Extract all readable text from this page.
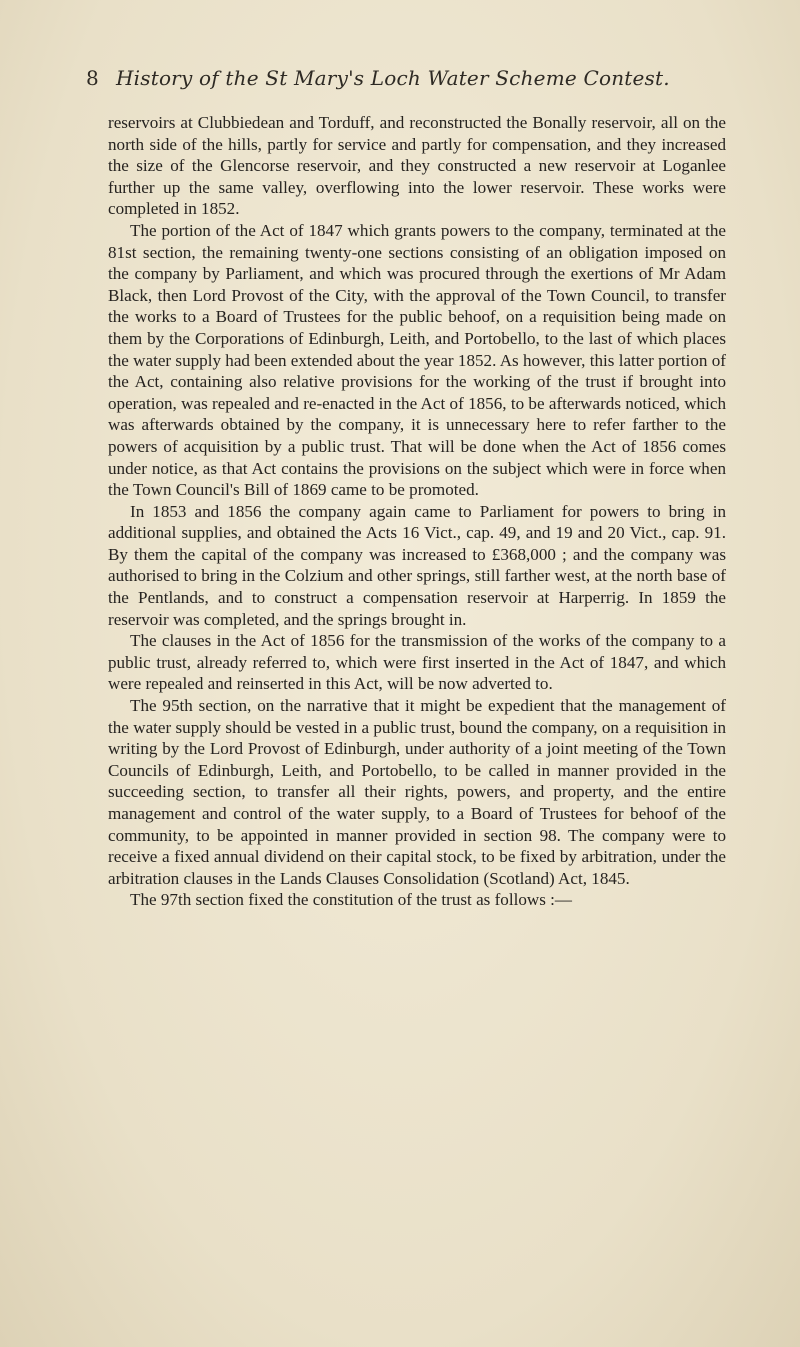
8 History of the St Mary's Loch Water Scheme Contest.

reservoirs at Clubbiedean and Torduff, and reconstructed the Bonally reservoir, all on the north side of the hills, partly for service and partly for compensation, and they increased the size of the Glencorse reservoir, and they constructed a new reservoir at Loganlee further up the same valley, overflowing into the lower reservoir. These works were completed in 1852.

The portion of the Act of 1847 which grants powers to the company, terminated at the 81st section, the remaining twenty-one sections consisting of an obligation imposed on the company by Parliament, and which was procured through the exertions of Mr Adam Black, then Lord Provost of the City, with the approval of the Town Council, to transfer the works to a Board of Trustees for the public behoof, on a requisition being made on them by the Corporations of Edinburgh, Leith, and Portobello, to the last of which places the water supply had been extended about the year 1852. As however, this latter portion of the Act, containing also relative provisions for the working of the trust if brought into operation, was repealed and re-enacted in the Act of 1856, to be afterwards noticed, which was afterwards obtained by the company, it is unnecessary here to refer farther to the powers of acquisition by a public trust. That will be done when the Act of 1856 comes under notice, as that Act contains the provisions on the subject which were in force when the Town Council's Bill of 1869 came to be promoted.

In 1853 and 1856 the company again came to Parliament for powers to bring in additional supplies, and obtained the Acts 16 Vict., cap. 49, and 19 and 20 Vict., cap. 91. By them the capital of the company was increased to £368,000 ; and the company was authorised to bring in the Colzium and other springs, still farther west, at the north base of the Pentlands, and to construct a compensation reservoir at Harperrig. In 1859 the reservoir was completed, and the springs brought in.

The clauses in the Act of 1856 for the transmission of the works of the company to a public trust, already referred to, which were first inserted in the Act of 1847, and which were repealed and reinserted in this Act, will be now adverted to.

The 95th section, on the narrative that it might be expedient that the management of the water supply should be vested in a public trust, bound the company, on a requisition in writing by the Lord Provost of Edinburgh, under authority of a joint meeting of the Town Councils of Edinburgh, Leith, and Portobello, to be called in manner provided in the succeeding section, to transfer all their rights, powers, and property, and the entire management and control of the water supply, to a Board of Trustees for behoof of the community, to be appointed in manner provided in section 98. The company were to receive a fixed annual dividend on their capital stock, to be fixed by arbitration, under the arbitration clauses in the Lands Clauses Consolidation (Scotland) Act, 1845.

The 97th section fixed the constitution of the trust as follows :—
